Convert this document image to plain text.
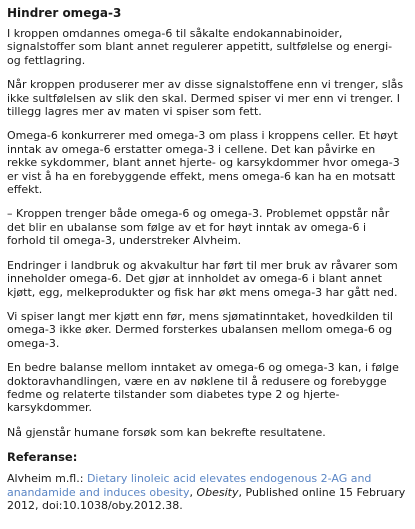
Hindrer omega-3

I kroppen omdannes omega-6 til såkalte endokannabinoider, signalstoffer som blant annet regulerer appetitt, sultfølelse og energi- og fettlagring.

Når kroppen produserer mer av disse signalstoffene enn vi trenger, slås ikke sultfølelsen av slik den skal. Dermed spiser vi mer enn vi trenger. I tillegg lagres mer av maten vi spiser som fett.

Omega-6 konkurrerer med omega-3 om plass i kroppens celler. Et høyt inntak av omega-6 erstatter omega-3 i cellene. Det kan påvirke en rekke sykdommer, blant annet hjerte- og karsykdommer hvor omega-3 er vist å ha en forebyggende effekt, mens omega-6 kan ha en motsatt effekt.

– Kroppen trenger både omega-6 og omega-3. Problemet oppstår når det blir en ubalanse som følge av et for høyt inntak av omega-6 i forhold til omega-3, understreker Alvheim.

Endringer i landbruk og akvakultur har ført til mer bruk av råvarer som inneholder omega-6. Det gjør at innholdet av omega-6 i blant annet kjøtt, egg, melkeprodukter og fisk har økt mens omega-3 har gått ned.

Vi spiser langt mer kjøtt enn før, mens sjømatinntaket, hovedkilden til omega-3 ikke øker. Dermed forsterkes ubalansen mellom omega-6 og omega-3.

En bedre balanse mellom inntaket av omega-6 og omega-3 kan, i følge doktoravhandlingen, være en av nøklene til å redusere og forebygge fedme og relaterte tilstander som diabetes type 2 og hjerte-karsykdommer.

Nå gjenstår humane forsøk som kan bekrefte resultatene.

Referanse:

Alvheim m.fl.: Dietary linoleic acid elevates endogenous 2-AG and anandamide and induces obesity, Obesity, Published online 15 February 2012, doi:10.1038/oby.2012.38.
